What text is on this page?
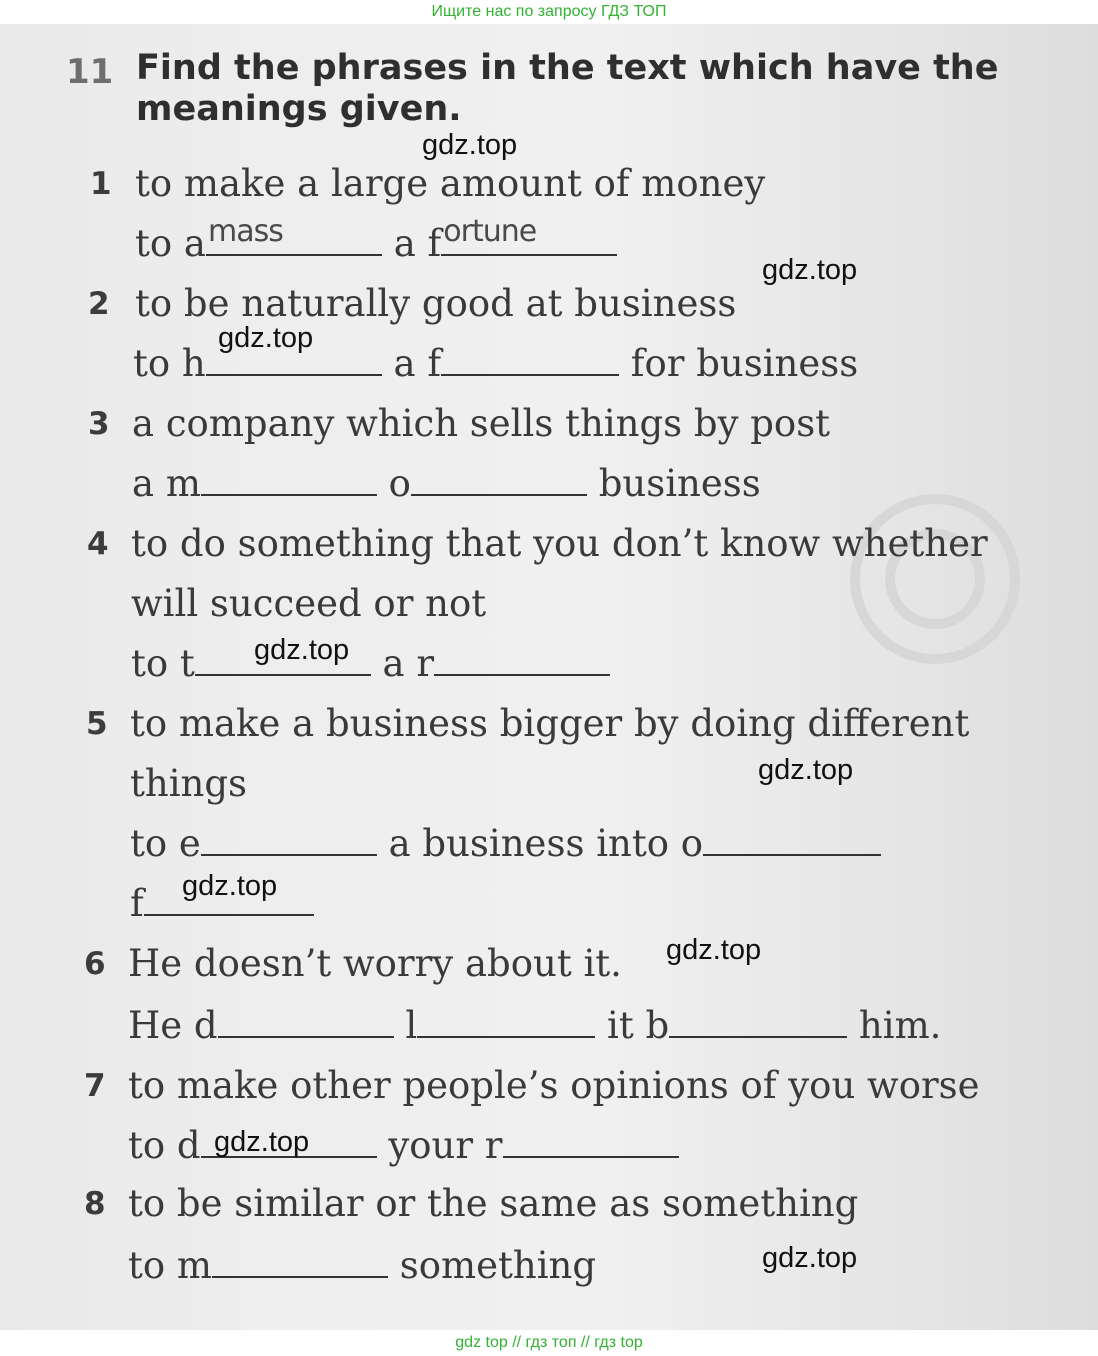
Ищите нас по запросу ГДЗ ТОП
11 Find the phrases in the text which have the
meanings given.
1 to make a large amount of money
to a mass	a f ortune
2 to be naturally good at business
to h	a f	for business
3 a company which sells things by post
a m	o	business
4 to do something that you don’t know whether
will succeed or not
to t	a r
5 to make a business bigger by doing different
things
to e	a business into o
f
6 He doesn’t worry about it.
He d	l	it b	him.
7 to make other people’s opinions of you worse
to d	your r
8 to be similar or the same as something
to m	something
gdz.top
gdz.top
gdz.top
gdz.top
gdz.top
gdz.top
gdz.top
gdz.top
gdz.top
gdz top // гдз топ // гдз top
